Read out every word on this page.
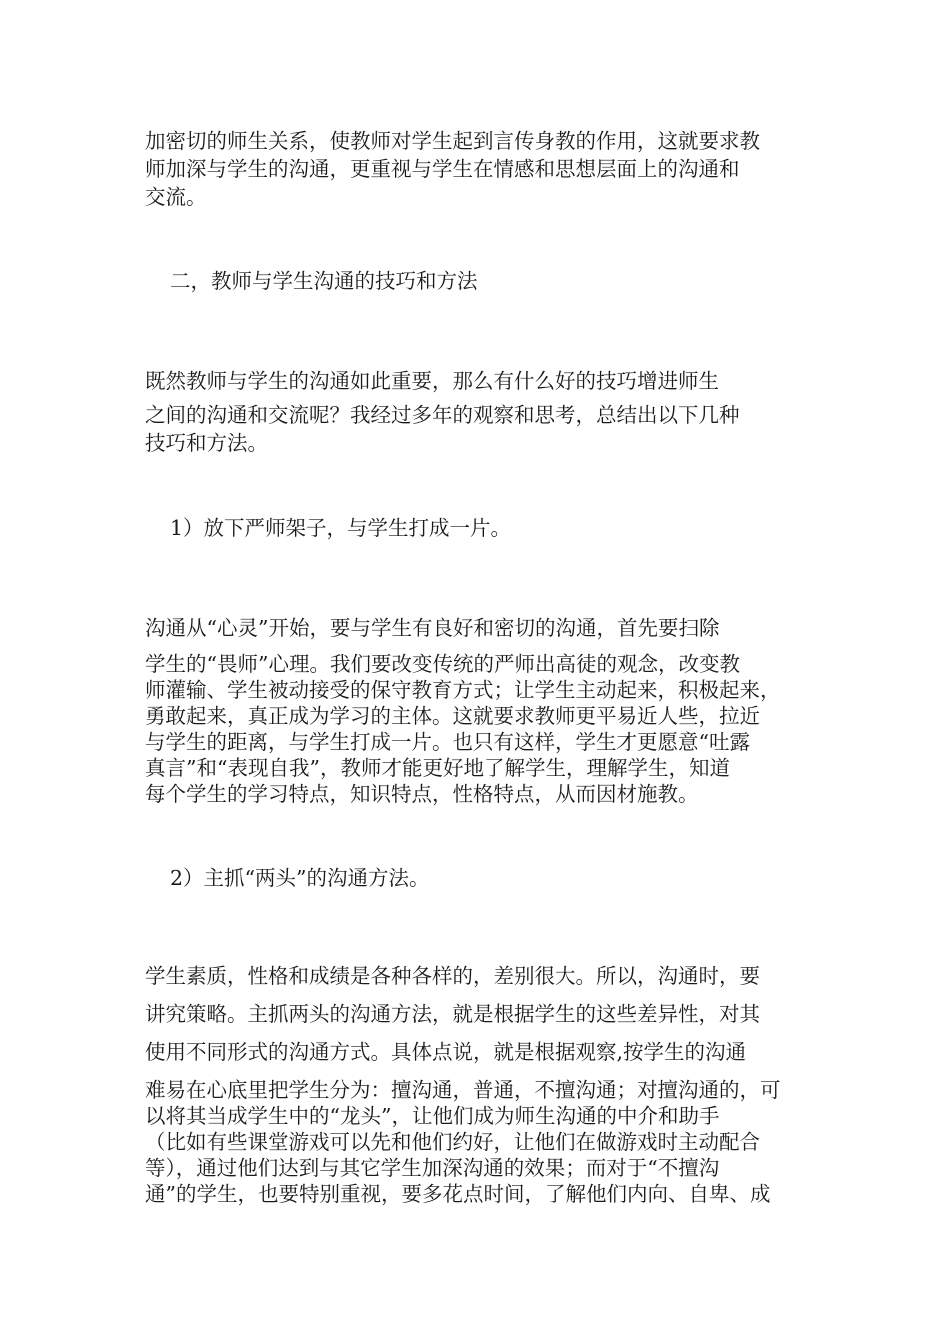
加密切的师生关系，使教师对学生起到言传身教的作用，这就要求教
师加深与学生的沟通，更重视与学生在情感和思想层面上的沟通和
交流。
二，教师与学生沟通的技巧和方法
既然教师与学生的沟通如此重要，那么有什么好的技巧增进师生
之间的沟通和交流呢？我经过多年的观察和思考，总结出以下几种
技巧和方法。
1）放下严师架子，与学生打成一片。
沟通从“心灵”开始，要与学生有良好和密切的沟通，首先要扫除
学生的“畏师”心理。我们要改变传统的严师出高徒的观念，改变教
师灌输、学生被动接受的保守教育方式；让学生主动起来，积极起来，
勇敢起来，真正成为学习的主体。这就要求教师更平易近人些，拉近
与学生的距离，与学生打成一片。也只有这样，学生才更愿意“吐露
真言”和“表现自我”，教师才能更好地了解学生，理解学生，知道
每个学生的学习特点，知识特点，性格特点，从而因材施教。
2）主抓“两头”的沟通方法。
学生素质，性格和成绩是各种各样的，差别很大。所以，沟通时，要
讲究策略。主抓两头的沟通方法，就是根据学生的这些差异性，对其
使用不同形式的沟通方式。具体点说，就是根据观察,按学生的沟通
难易在心底里把学生分为：擅沟通，普通，不擅沟通；对擅沟通的，可
以将其当成学生中的“龙头”，让他们成为师生沟通的中介和助手
（比如有些课堂游戏可以先和他们约好，让他们在做游戏时主动配合
等），通过他们达到与其它学生加深沟通的效果；而对于“不擅沟
通”的学生，也要特别重视，要多花点时间，了解他们内向、自卑、成
